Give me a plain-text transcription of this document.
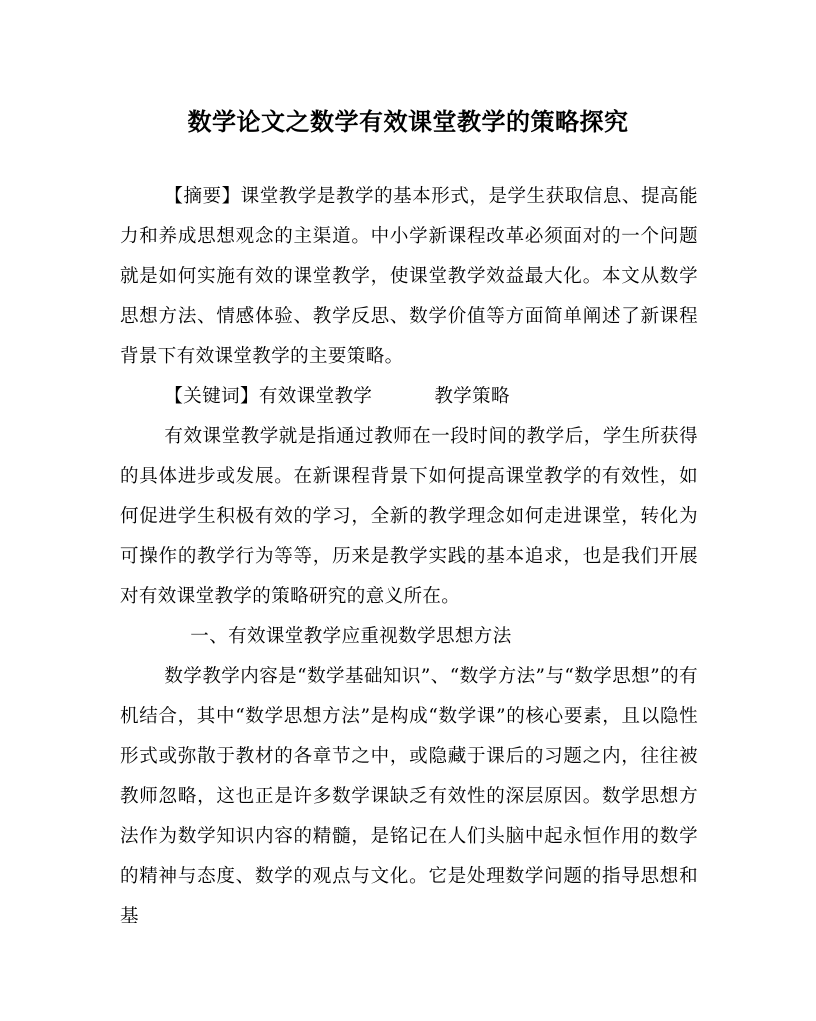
数学论文之数学有效课堂教学的策略探究

【摘要】课堂教学是教学的基本形式，是学生获取信息、提高能力和养成思想观念的主渠道。中小学新课程改革必须面对的一个问题就是如何实施有效的课堂教学，使课堂教学效益最大化。本文从数学思想方法、情感体验、教学反思、数学价值等方面简单阐述了新课程背景下有效课堂教学的主要策略。

【关键词】有效课堂教学	教学策略

有效课堂教学就是指通过教师在一段时间的教学后，学生所获得的具体进步或发展。在新课程背景下如何提高课堂教学的有效性，如何促进学生积极有效的学习，全新的教学理念如何走进课堂，转化为可操作的教学行为等等，历来是教学实践的基本追求，也是我们开展对有效课堂教学的策略研究的意义所在。

一、有效课堂教学应重视数学思想方法

数学教学内容是“数学基础知识”、“数学方法”与“数学思想”的有机结合，其中“数学思想方法”是构成“数学课”的核心要素，且以隐性形式或弥散于教材的各章节之中，或隐藏于课后的习题之内，往往被教师忽略，这也正是许多数学课缺乏有效性的深层原因。数学思想方法作为数学知识内容的精髓，是铭记在人们头脑中起永恒作用的数学的精神与态度、数学的观点与文化。它是处理数学问题的指导思想和基
